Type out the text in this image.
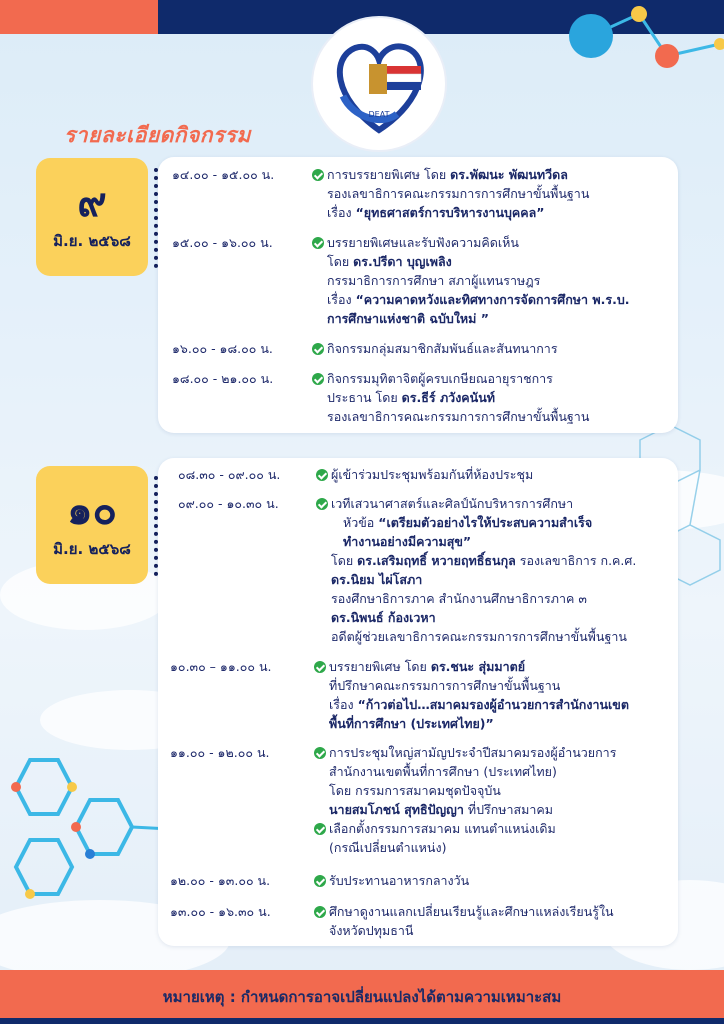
DEAT
รายละเอียดกิจกรรม
๙
มิ.ย. ๒๕๖๘
๑๔.๐๐ - ๑๕.๐๐ น.	การบรรยายพิเศษ โดย ดร.พัฒนะ พัฒนทวีดล
รองเลขาธิการคณะกรรมการการศึกษาขั้นพื้นฐาน
เรื่อง “ยุทธศาสตร์การบริหารงานบุคคล”
๑๕.๐๐ - ๑๖.๐๐ น.	บรรยายพิเศษและรับฟังความคิดเห็น
โดย ดร.ปรีดา บุญเพลิง
กรรมาธิการการศึกษา สภาผู้แทนราษฎร
เรื่อง “ความคาดหวังและทิศทางการจัดการศึกษา พ.ร.บ.
การศึกษาแห่งชาติ ฉบับใหม่ ”
๑๖.๐๐ - ๑๘.๐๐ น.	กิจกรรมกลุ่มสมาชิกสัมพันธ์และสันทนาการ
๑๘.๐๐ - ๒๑.๐๐ น.	กิจกรรมมุทิตาจิตผู้ครบเกษียณอายุราชการ
ประธาน โดย ดร.ธีร์ ภวังคนันท์
รองเลขาธิการคณะกรรมการการศึกษาขั้นพื้นฐาน
๑๐
มิ.ย. ๒๕๖๘
๐๘.๓๐ - ๐๙.๐๐ น.	ผู้เข้าร่วมประชุมพร้อมกันที่ห้องประชุม
๐๙.๐๐ - ๑๐.๓๐ น.	เวทีเสวนาศาสตร์และศิลป์นักบริหารการศึกษา
หัวข้อ “เตรียมตัวอย่างไรให้ประสบความสำเร็จ
ทำงานอย่างมีความสุข”
โดย ดร.เสริมฤทธิ์ หวายฤทธิ์ธนกุล รองเลขาธิการ ก.ค.ศ.
ดร.นิยม ไผ่โสภา
รองศึกษาธิการภาค สำนักงานศึกษาธิการภาค ๓
ดร.นิพนธ์ ก้องเวหา
อดีตผู้ช่วยเลขาธิการคณะกรรมการการศึกษาขั้นพื้นฐาน
๑๐.๓๐ – ๑๑.๐๐ น.	บรรยายพิเศษ โดย ดร.ชนะ สุ่มมาตย์
ที่ปรึกษาคณะกรรมการการศึกษาขั้นพื้นฐาน
เรื่อง “ก้าวต่อไป…สมาคมรองผู้อำนวยการสำนักงานเขต
พื้นที่การศึกษา (ประเทศไทย)”
๑๑.๐๐ - ๑๒.๐๐ น.	การประชุมใหญ่สามัญประจำปีสมาคมรองผู้อำนวยการ
สำนักงานเขตพื้นที่การศึกษา (ประเทศไทย)
โดย กรรมการสมาคมชุดปัจจุบัน
นายสมโภชน์ สุทธิปัญญา ที่ปรึกษาสมาคม
เลือกตั้งกรรมการสมาคม แทนตำแหน่งเดิม
(กรณีเปลี่ยนตำแหน่ง)
๑๒.๐๐ - ๑๓.๐๐ น.	รับประทานอาหารกลางวัน
๑๓.๐๐ - ๑๖.๓๐ น.	ศึกษาดูงานแลกเปลี่ยนเรียนรู้และศึกษาแหล่งเรียนรู้ใน
จังหวัดปทุมธานี
หมายเหตุ : กำหนดการอาจเปลี่ยนแปลงได้ตามความเหมาะสม
